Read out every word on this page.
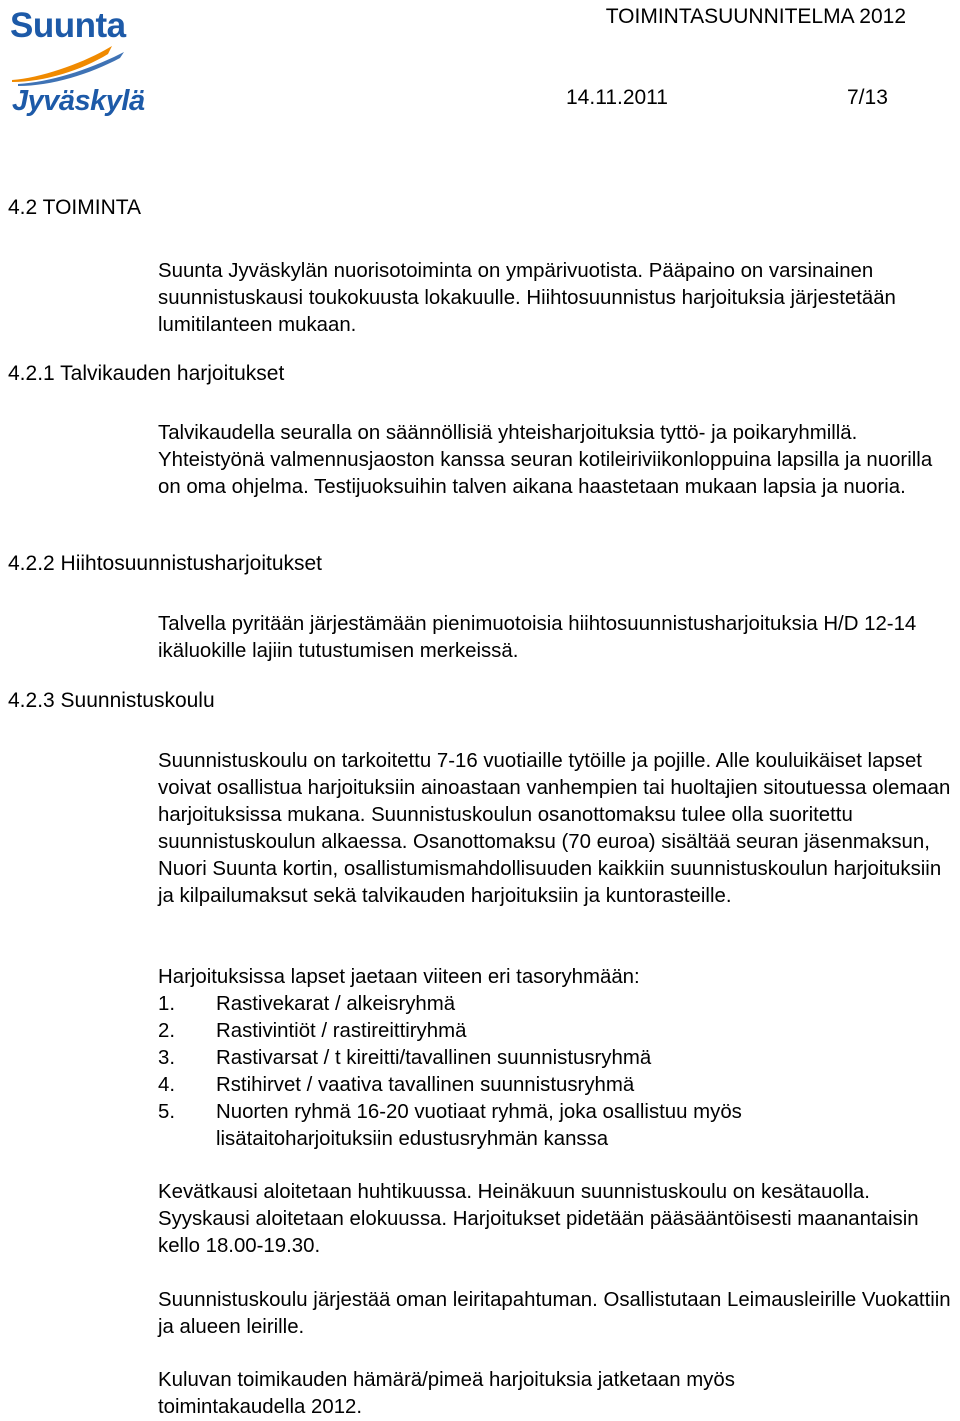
Suunta
Jyväskylä
TOIMINTASUUNNITELMA 2012
14.11.2011	7/13
4.2 TOIMINTA

Suunta Jyväskylän nuorisotoiminta on ympärivuotista. Pääpaino on varsinainen suunnistuskausi toukokuusta lokakuulle. Hiihtosuunnistus harjoituksia järjestetään lumitilanteen mukaan.

4.2.1 Talvikauden harjoitukset

Talvikaudella seuralla on säännöllisiä yhteisharjoituksia tyttö- ja poikaryhmillä. Yhteistyönä valmennusjaoston kanssa seuran kotileiriviikonloppuina lapsilla ja nuorilla on oma ohjelma. Testijuoksuihin talven aikana haastetaan mukaan lapsia ja nuoria.

4.2.2 Hiihtosuunnistusharjoitukset

Talvella pyritään järjestämään pienimuotoisia hiihtosuunnistusharjoituksia H/D 12-14 ikäluokille lajiin tutustumisen merkeissä.

4.2.3 Suunnistuskoulu

Suunnistuskoulu on tarkoitettu 7-16 vuotiaille tytöille ja pojille. Alle kouluikäiset lapset voivat osallistua harjoituksiin ainoastaan vanhempien tai huoltajien sitoutuessa olemaan harjoituksissa mukana. Suunnistuskoulun osanottomaksu tulee olla suoritettu suunnistuskoulun alkaessa. Osanottomaksu (70 euroa) sisältää seuran jäsenmaksun, Nuori Suunta kortin, osallistumismahdollisuuden kaikkiin suunnistuskoulun harjoituksiin ja kilpailumaksut sekä talvikauden harjoituksiin ja kuntorasteille.

Harjoituksissa lapset jaetaan viiteen eri tasoryhmään:

1.	Rastivekarat / alkeisryhmä
2.	Rastivintiöt / rastireittiryhmä
3.	Rastivarsat / t kireitti/tavallinen suunnistusryhmä
4.	Rstihirvet / vaativa tavallinen suunnistusryhmä
5.	Nuorten ryhmä 16-20 vuotiaat ryhmä, joka osallistuu myös lisätaitoharjoituksiin edustusryhmän kanssa

Kevätkausi aloitetaan huhtikuussa. Heinäkuun suunnistuskoulu on kesätauolla. Syyskausi aloitetaan elokuussa. Harjoitukset pidetään pääsääntöisesti maanantaisin kello 18.00-19.30.

Suunnistuskoulu järjestää oman leiritapahtuman. Osallistutaan Leimausleirille Vuokattiin ja alueen leirille.

Kuluvan toimikauden hämärä/pimeä harjoituksia jatketaan myös toimintakaudella 2012.
